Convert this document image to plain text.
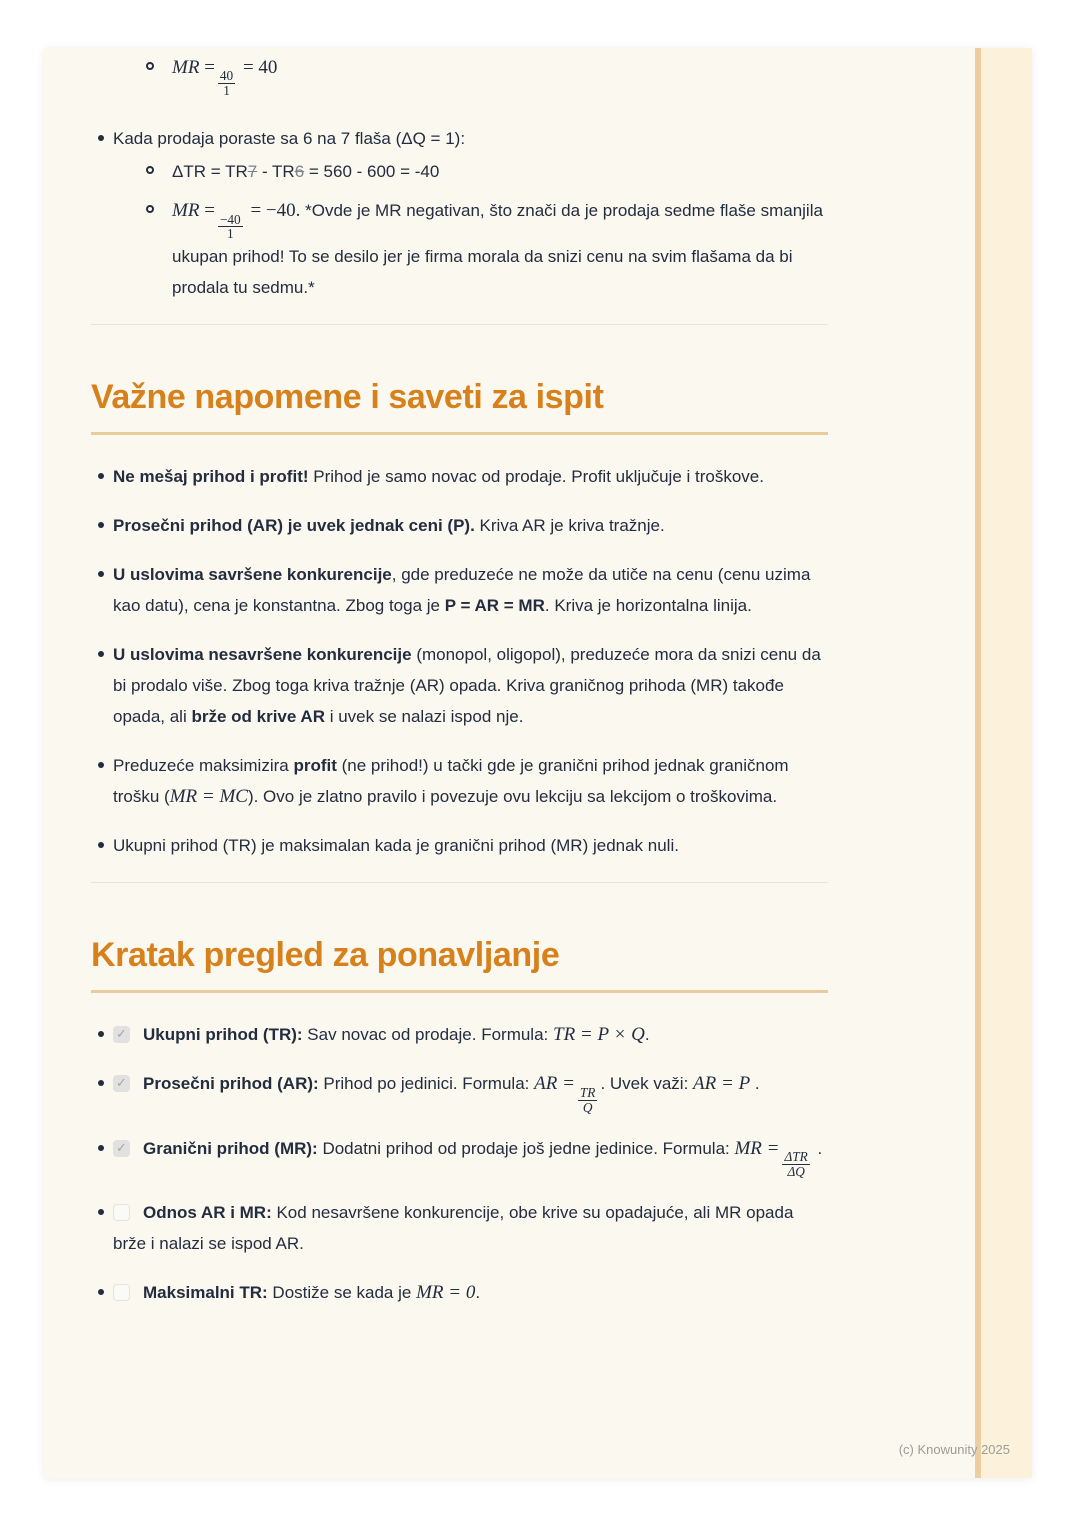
MR =
$\frac{40}{1}$
= 40
Kada prodaja poraste sa 6 na 7 flaša (ΔQ = 1):
ΔTR = TR7 - TR6 = 560 - 600 = -40
MR =
$\frac{-40}{1}$
= −40. *Ovde je MR negativan, što znači da je prodaja sedme flaše smanjila ukupan prihod! To se desilo jer je firma morala da snizi cenu na svim flašama da bi prodala tu sedmu.*
Važne napomene i saveti za ispit
Ne mešaj prihod i profit! Prihod je samo novac od prodaje. Profit uključuje i troškove.
Prosečni prihod (AR) je uvek jednak ceni (P). Kriva AR je kriva tražnje.
U uslovima savršene konkurencije, gde preduzeće ne može da utiče na cenu (cenu uzima kao datu), cena je konstantna. Zbog toga je P = AR = MR. Kriva je horizontalna linija.
U uslovima nesavršene konkurencije (monopol, oligopol), preduzeće mora da snizi cenu da bi prodalo više. Zbog toga kriva tražnje (AR) opada. Kriva graničnog prihoda (MR) takođe opada, ali brže od krive AR i uvek se nalazi ispod nje.
Preduzeće maksimizira profit (ne prihod!) u tački gde je granični prihod jednak graničnom trošku (MR = MC). Ovo je zlatno pravilo i povezuje ovu lekciju sa lekcijom o troškovima.
Ukupni prihod (TR) je maksimalan kada je granični prihod (MR) jednak nuli.
Kratak pregled za ponavljanje
✓Ukupni prihod (TR): Sav novac od prodaje. Formula: TR = P × Q.
✓Prosečni prihod (AR): Prihod po jedinici. Formula: AR =
$\frac{TR}{Q}$
. Uvek važi: AR = P .
✓Granični prihod (MR): Dodatni prihod od prodaje još jedne jedinice. Formula: MR =
$\frac{\text{ΔTR}}{\Delta Q}$
.
Odnos AR i MR: Kod nesavršene konkurencije, obe krive su opadajuće, ali MR opada brže i nalazi se ispod AR.
Maksimalni TR: Dostiže se kada je MR = 0.
(c) Knowunity 2025
